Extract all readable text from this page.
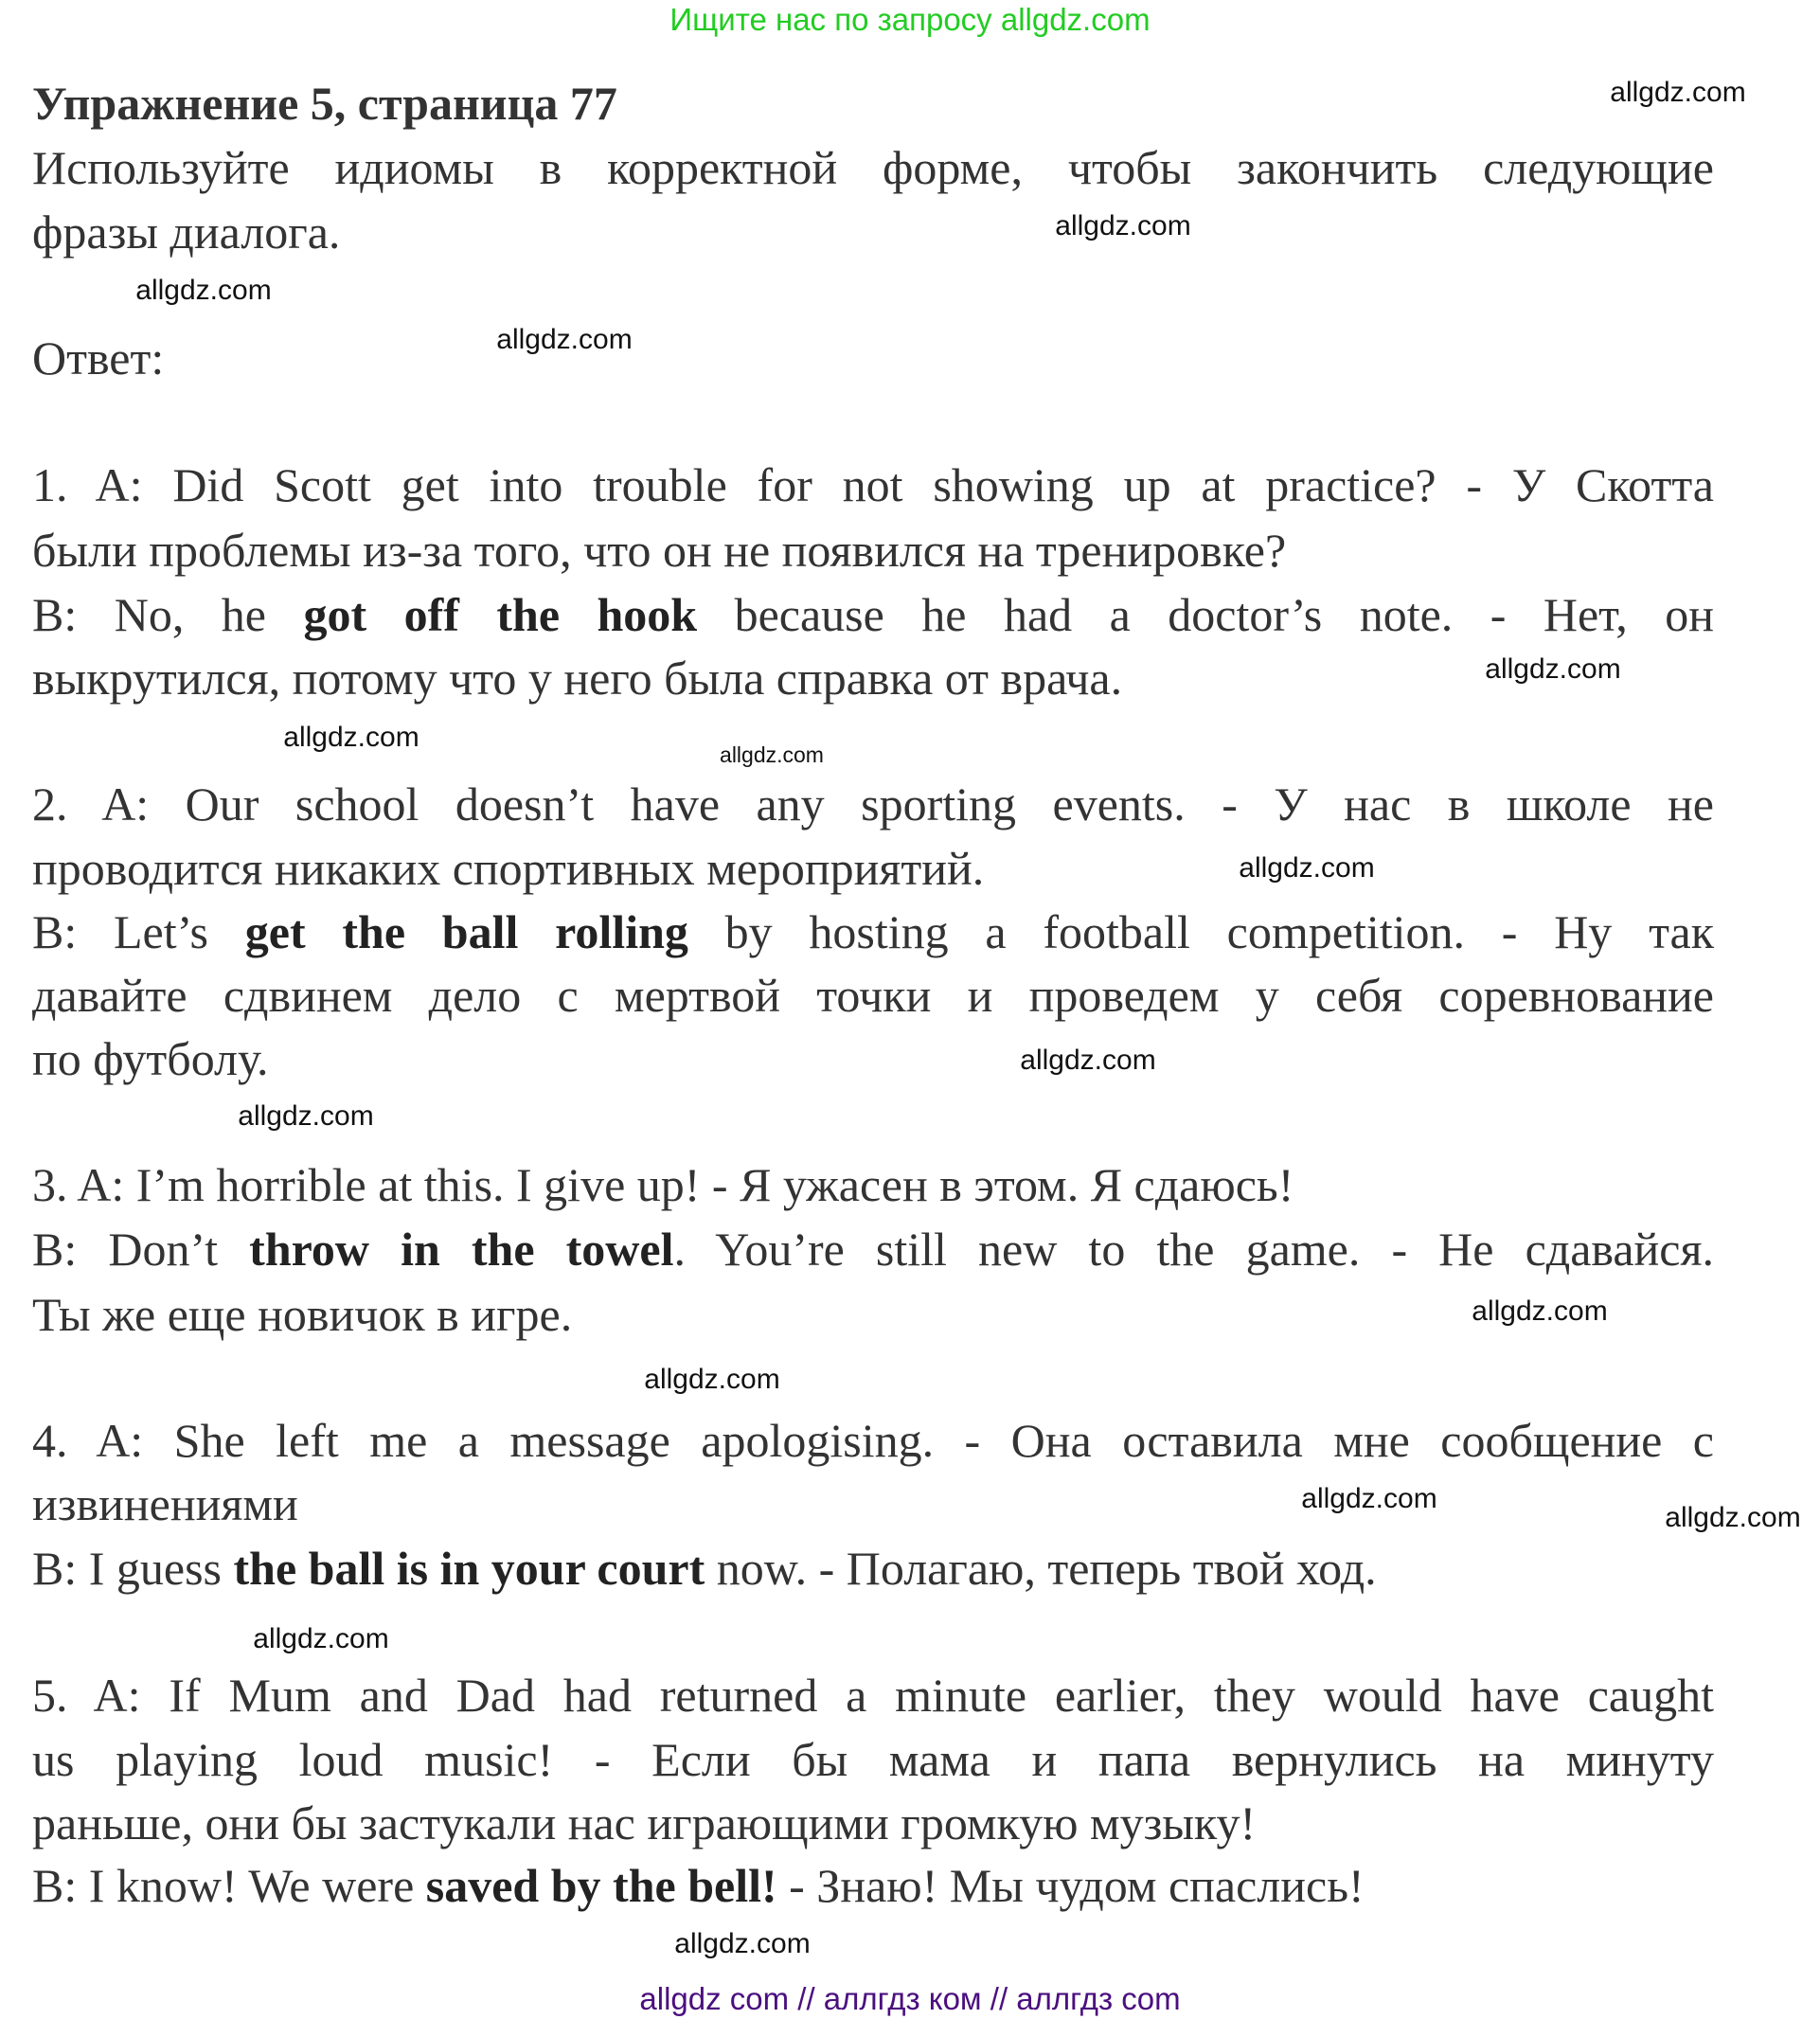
Ищите нас по запросу allgdz.com
Упражнение 5, страница 77
Используйте идиомы в корректной форме, чтобы закончить следующие
фразы диалога.
Ответ:
1. A: Did Scott get into trouble for not showing up at practice? - У Скотта
были проблемы из-за того, что он не появился на тренировке?
B: No, he got off the hook because he had a doctor’s note. - Нет, он
выкрутился, потому что у него была справка от врача.
2. A: Our school doesn’t have any sporting events. - У нас в школе не
проводится никаких спортивных мероприятий.
B: Let’s get the ball rolling by hosting a football competition. - Ну так
давайте сдвинем дело с мертвой точки и проведем у себя соревнование
по футболу.
3. A: I’m horrible at this. I give up! - Я ужасен в этом. Я сдаюсь!
B: Don’t throw in the towel. You’re still new to the game. - Не сдавайся.
Ты же еще новичок в игре.
4. A: She left me a message apologising. - Она оставила мне сообщение с
извинениями
B: I guess the ball is in your court now. - Полагаю, теперь твой ход.
5. A: If Mum and Dad had returned a minute earlier, they would have caught
us playing loud music! - Если бы мама и папа вернулись на минуту
раньше, они бы застукали нас играющими громкую музыку!
B: I know! We were saved by the bell! - Знаю! Мы чудом спаслись!
allgdz.com
allgdz.com
allgdz.com
allgdz.com
allgdz.com
allgdz.com
allgdz.com
allgdz.com
allgdz.com
allgdz.com
allgdz.com
allgdz.com
allgdz.com
allgdz.com
allgdz.com
allgdz.com
allgdz com // аллгдз ком // аллгдз com
